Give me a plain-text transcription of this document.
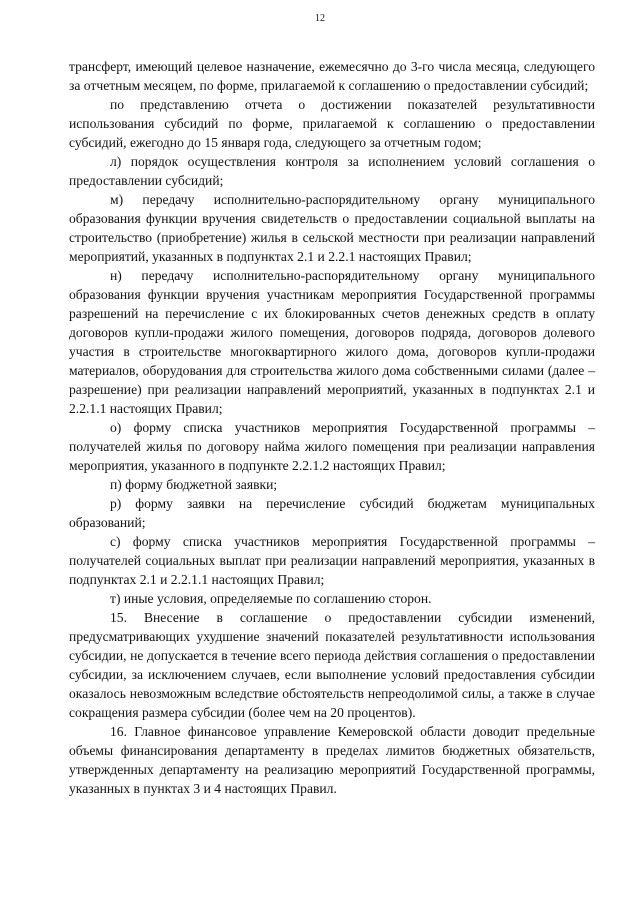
12

трансферт, имеющий целевое назначение, ежемесячно до 3-го числа месяца, следующего за отчетным месяцем, по форме, прилагаемой к соглашению о предоставлении субсидий;

по представлению отчета о достижении показателей результативности использования субсидий по форме, прилагаемой к соглашению о предоставлении субсидий, ежегодно до 15 января года, следующего за отчетным годом;

л) порядок осуществления контроля за исполнением условий соглашения о предоставлении субсидий;

м) передачу исполнительно-распорядительному органу муниципального образования функции вручения свидетельств о предоставлении социальной выплаты на строительство (приобретение) жилья в сельской местности при реализации направлений мероприятий, указанных в подпунктах 2.1 и 2.2.1 настоящих Правил;

н) передачу исполнительно-распорядительному органу муниципального образования функции вручения участникам мероприятия Государственной программы разрешений на перечисление с их блокированных счетов денежных средств в оплату договоров купли-продажи жилого помещения, договоров подряда, договоров долевого участия в строительстве многоквартирного жилого дома, договоров купли-продажи материалов, оборудования для строительства жилого дома собственными силами (далее – разрешение) при реализации направлений мероприятий, указанных в подпунктах 2.1 и 2.2.1.1 настоящих Правил;

о) форму списка участников мероприятия Государственной программы – получателей жилья по договору найма жилого помещения при реализации направления мероприятия, указанного в подпункте 2.2.1.2 настоящих Правил;

п) форму бюджетной заявки;

р) форму заявки на перечисление субсидий бюджетам муниципальных образований;

с) форму списка участников мероприятия Государственной программы – получателей социальных выплат при реализации направлений мероприятия, указанных в подпунктах 2.1 и 2.2.1.1 настоящих Правил;

т) иные условия, определяемые по соглашению сторон.

15. Внесение в соглашение о предоставлении субсидии изменений, предусматривающих ухудшение значений показателей результативности использования субсидии, не допускается в течение всего периода действия соглашения о предоставлении субсидии, за исключением случаев, если выполнение условий предоставления субсидии оказалось невозможным вследствие обстоятельств непреодолимой силы, а также в случае сокращения размера субсидии (более чем на 20 процентов).

16. Главное финансовое управление Кемеровской области доводит предельные объемы финансирования департаменту в пределах лимитов бюджетных обязательств, утвержденных департаменту на реализацию мероприятий Государственной программы, указанных в пунктах 3 и 4 настоящих Правил.
